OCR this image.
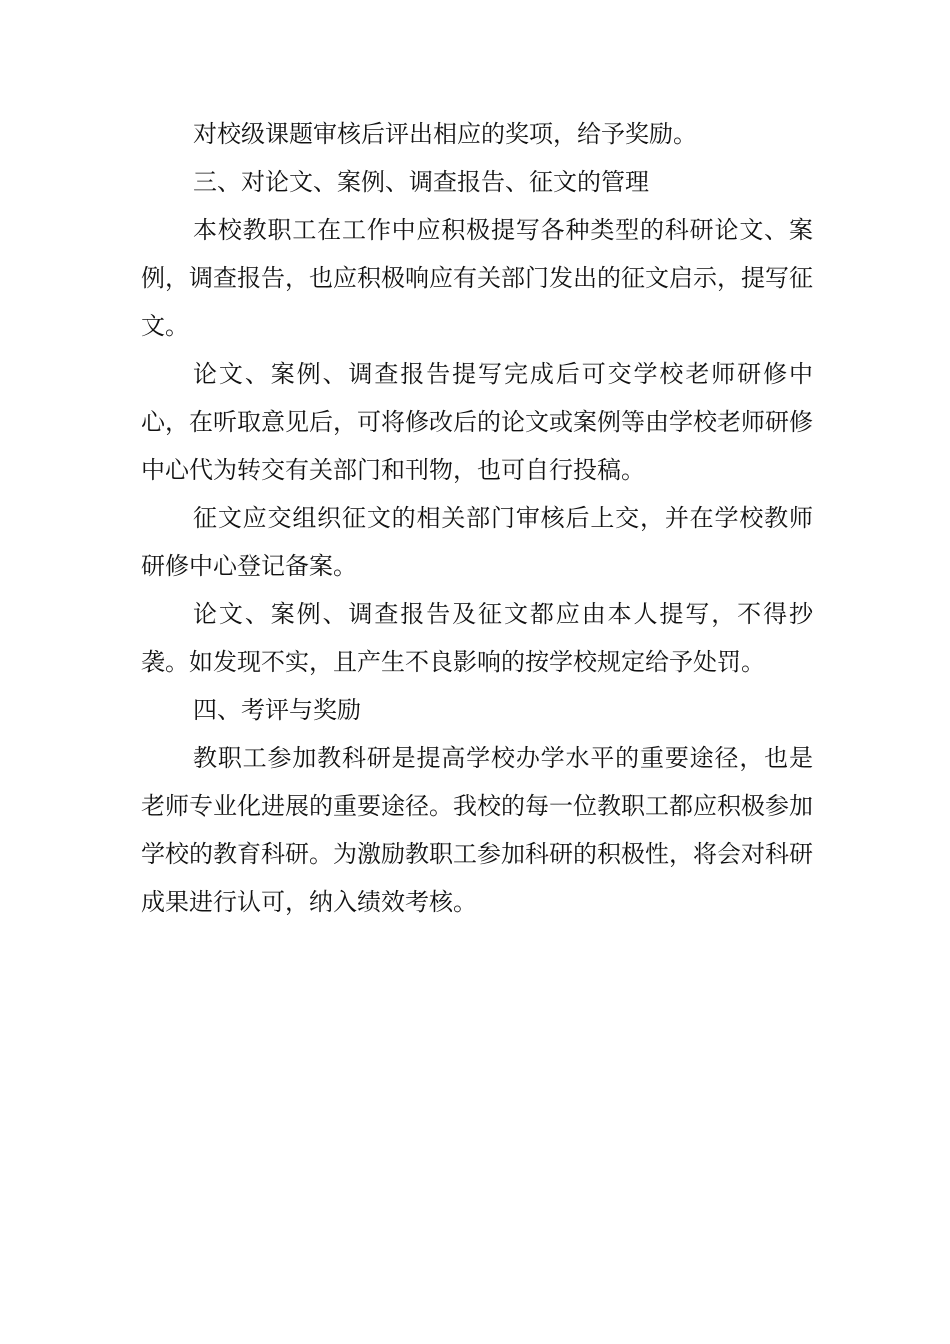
对校级课题审核后评出相应的奖项，给予奖励。

三、对论文、案例、调查报告、征文的管理

本校教职工在工作中应积极提写各种类型的科研论文、案例，调查报告，也应积极响应有关部门发出的征文启示，提写征文。

论文、案例、调查报告提写完成后可交学校老师研修中心，在听取意见后，可将修改后的论文或案例等由学校老师研修中心代为转交有关部门和刊物，也可自行投稿。

征文应交组织征文的相关部门审核后上交，并在学校教师研修中心登记备案。

论文、案例、调查报告及征文都应由本人提写，不得抄袭。如发现不实，且产生不良影响的按学校规定给予处罚。

四、考评与奖励

教职工参加教科研是提高学校办学水平的重要途径，也是老师专业化进展的重要途径。我校的每一位教职工都应积极参加学校的教育科研。为激励教职工参加科研的积极性，将会对科研成果进行认可，纳入绩效考核。
